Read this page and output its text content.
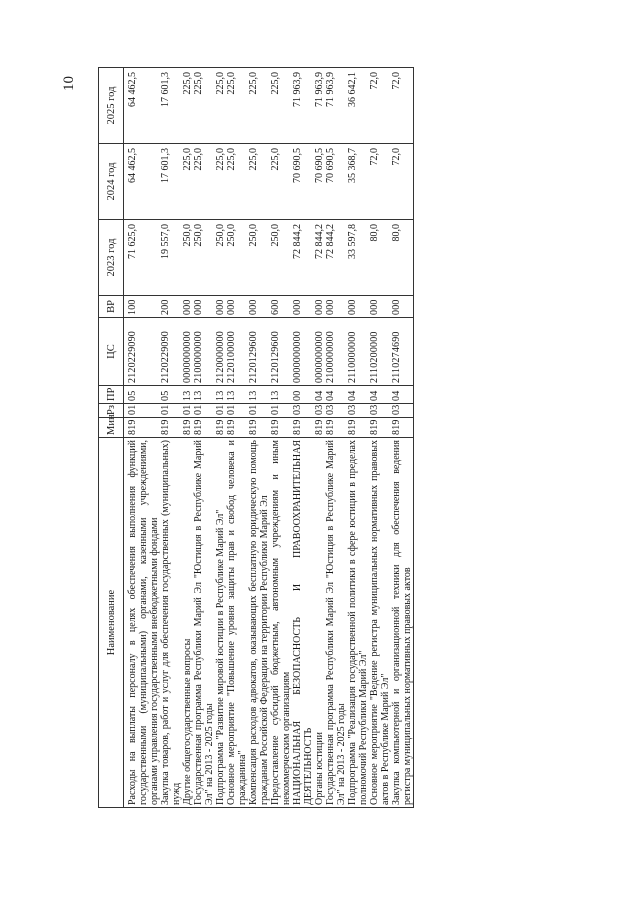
10
Наименование	Мин	Рз	ПР	ЦС	ВР	2023 год	2024 год	2025 год

Расходы на выплаты персоналу в целях обеспечения выполнения функций государственными (муниципальными) органами, казенными учреждениями, органами управления государственными внебюджетными фондами	819	01	05	2120229090	100	71 625,0	64 462,5	64 462,5
Закупка товаров, работ и услуг для обеспечения государственных (муниципальных) нужд	819	01	05	2120229090	200	19 557,0	17 601,3	17 601,3
Другие общегосударственные вопросы	819	01	13	0000000000	000	250,0	225,0	225,0
Государственная программа Республики Марий Эл "Юстиция в Республике Марий Эл" на 2013 - 2025 годы	819	01	13	2100000000	000	250,0	225,0	225,0
Подпрограмма "Развитие мировой юстиции в Республике Марий Эл"	819	01	13	2120000000	000	250,0	225,0	225,0
Основное мероприятие "Повышение уровня защиты прав и свобод человека и гражданина"	819	01	13	2120100000	000	250,0	225,0	225,0
Компенсация расходов адвокатов, оказывающих бесплатную юридическую помощь гражданам Российской Федерации на территории Республики Марий Эл	819	01	13	2120129600	000	250,0	225,0	225,0
Предоставление субсидий бюджетным, автономным учреждениям и иным некоммерческим организациям	819	01	13	2120129600	600	250,0	225,0	225,0
НАЦИОНАЛЬНАЯ БЕЗОПАСНОСТЬ И ПРАВООХРАНИТЕЛЬНАЯ ДЕЯТЕЛЬНОСТЬ	819	03	00	0000000000	000	72 844,2	70 690,5	71 963,9
Органы юстиции	819	03	04	0000000000	000	72 844,2	70 690,5	71 963,9
Государственная программа Республики Марий Эл "Юстиция в Республике Марий Эл" на 2013 - 2025 годы	819	03	04	2100000000	000	72 844,2	70 690,5	71 963,9
Подпрограмма "Реализация государственной политики в сфере юстиции в пределах полномочий Республики Марий Эл"	819	03	04	2110000000	000	33 597,8	35 368,7	36 642,1
Основное мероприятие "Ведение регистра муниципальных нормативных правовых актов в Республике Марий Эл"	819	03	04	2110200000	000	80,0	72,0	72,0
Закупка компьютерной и организационной техники для обеспечения ведения регистра муниципальных нормативных правовых актов	819	03	04	2110274690	000	80,0	72,0	72,0
